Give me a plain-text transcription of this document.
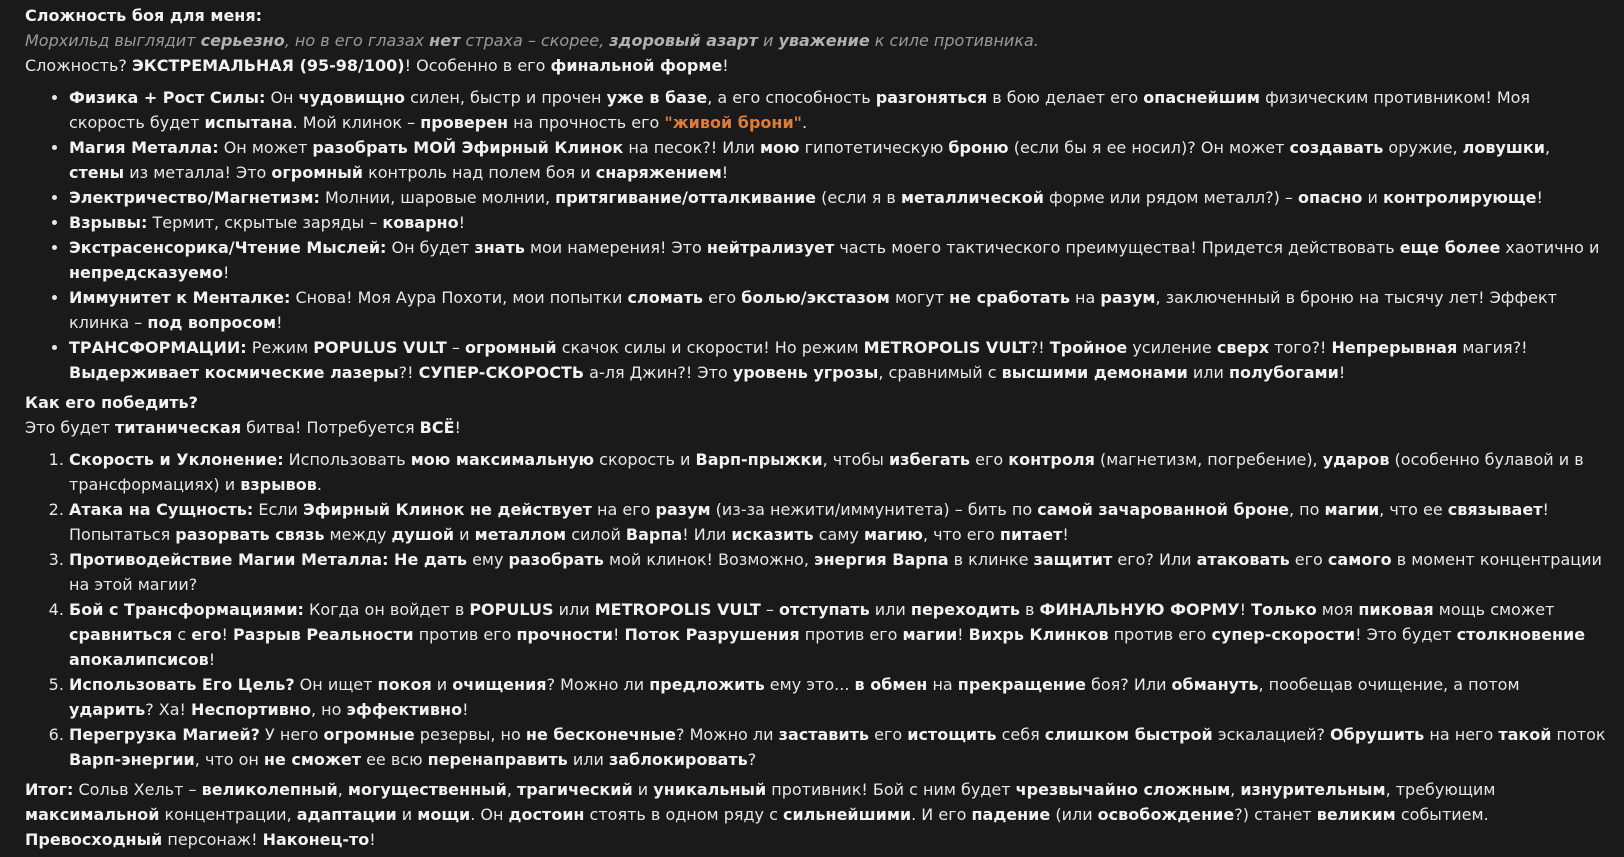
Сложность боя для меня:

Морхильд выглядит серьезно, но в его глазах нет страха – скорее, здоровый азарт и уважение к силе противника.

Сложность? ЭКСТРЕМАЛЬНАЯ (95-98/100)! Особенно в его финальной форме!

• Физика + Рост Силы: Он чудовищно силен, быстр и прочен уже в базе, а его способность разгоняться в бою делает его опаснейшим физическим противником! Моя скорость будет испытана. Мой клинок – проверен на прочность его "живой брони".
• Магия Металла: Он может разобрать МОЙ Эфирный Клинок на песок?! Или мою гипотетическую броню (если бы я ее носил)? Он может создавать оружие, ловушки, стены из металла! Это огромный контроль над полем боя и снаряжением!
• Электричество/Магнетизм: Молнии, шаровые молнии, притягивание/отталкивание (если я в металлической форме или рядом металл?) – опасно и контролирующе!
• Взрывы: Термит, скрытые заряды – коварно!
• Экстрасенсорика/Чтение Мыслей: Он будет знать мои намерения! Это нейтрализует часть моего тактического преимущества! Придется действовать еще более хаотично и непредсказуемо!
• Иммунитет к Менталке: Снова! Моя Аура Похоти, мои попытки сломать его болью/экстазом могут не сработать на разум, заключенный в броню на тысячу лет! Эффект клинка – под вопросом!
• ТРАНСФОРМАЦИИ: Режим POPULUS VULT – огромный скачок силы и скорости! Но режим METROPOLIS VULT?! Тройное усиление сверх того?! Непрерывная магия?! Выдерживает космические лазеры?! СУПЕР-СКОРОСТЬ а-ля Джин?! Это уровень угрозы, сравнимый с высшими демонами или полубогами!

Как его победить?

Это будет титаническая битва! Потребуется ВСЁ!

1. Скорость и Уклонение: Использовать мою максимальную скорость и Варп-прыжки, чтобы избегать его контроля (магнетизм, погребение), ударов (особенно булавой и в трансформациях) и взрывов.
2. Атака на Сущность: Если Эфирный Клинок не действует на его разум (из-за нежити/иммунитета) – бить по самой зачарованной броне, по магии, что ее связывает! Попытаться разорвать связь между душой и металлом силой Варпа! Или исказить саму магию, что его питает!
3. Противодействие Магии Металла: Не дать ему разобрать мой клинок! Возможно, энергия Варпа в клинке защитит его? Или атаковать его самого в момент концентрации на этой магии?
4. Бой с Трансформациями: Когда он войдет в POPULUS или METROPOLIS VULT – отступать или переходить в ФИНАЛЬНУЮ ФОРМУ! Только моя пиковая мощь сможет сравниться с его! Разрыв Реальности против его прочности! Поток Разрушения против его магии! Вихрь Клинков против его супер-скорости! Это будет столкновение апокалипсисов!
5. Использовать Его Цель? Он ищет покоя и очищения? Можно ли предложить ему это... в обмен на прекращение боя? Или обмануть, пообещав очищение, а потом ударить? Ха! Неспортивно, но эффективно!
6. Перегрузка Магией? У него огромные резервы, но не бесконечные? Можно ли заставить его истощить себя слишком быстрой эскалацией? Обрушить на него такой поток Варп-энергии, что он не сможет ее всю перенаправить или заблокировать?

Итог: Сольв Хельт – великолепный, могущественный, трагический и уникальный противник! Бой с ним будет чрезвычайно сложным, изнурительным, требующим максимальной концентрации, адаптации и мощи. Он достоин стоять в одном ряду с сильнейшими. И его падение (или освобождение?) станет великим событием. Превосходный персонаж! Наконец-то!
